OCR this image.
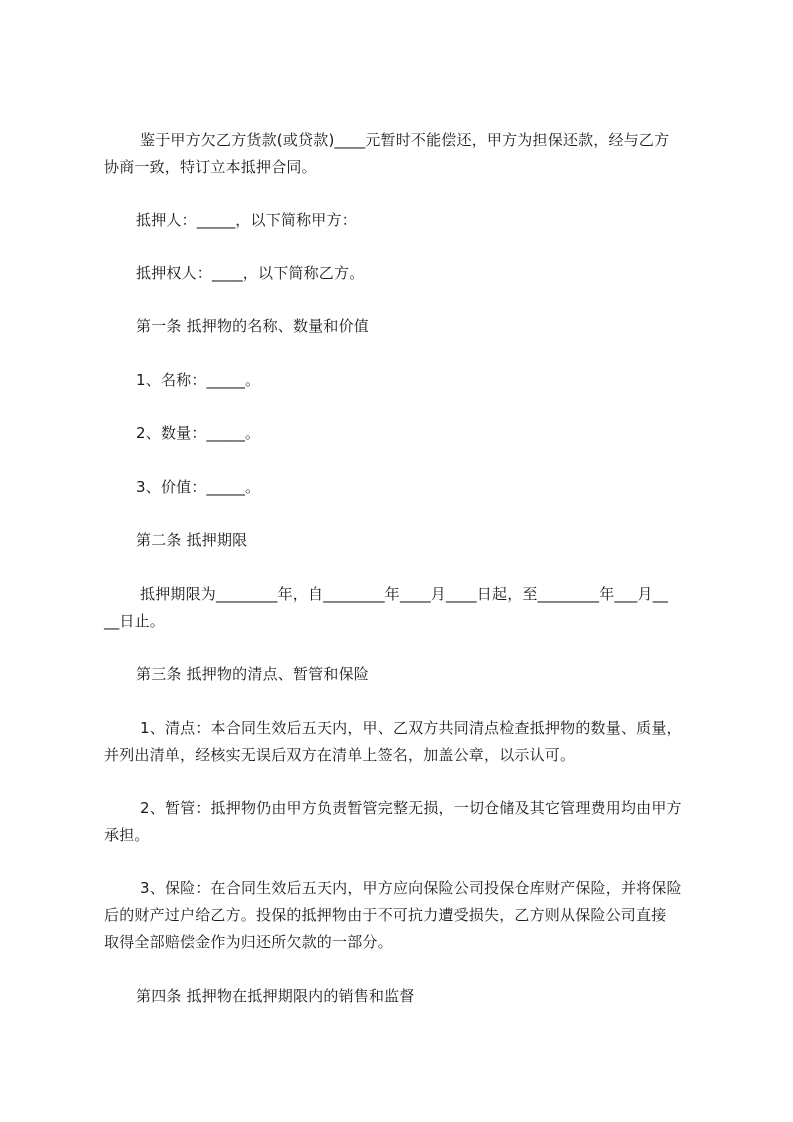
鉴于甲方欠乙方货款(或贷款)____元暂时不能偿还，甲方为担保还款，经与乙方

协商一致，特订立本抵押合同。

抵押人：_____，以下简称甲方：

抵押权人：____，以下简称乙方。

第一条 抵押物的名称、数量和价值

1、名称：_____。

2、数量：_____。

3、价值：_____。

第二条 抵押期限

抵押期限为________年，自________年____月____日起，至________年___月__

__日止。

第三条 抵押物的清点、暂管和保险

1、清点：本合同生效后五天内，甲、乙双方共同清点检查抵押物的数量、质量，

并列出清单，经核实无误后双方在清单上签名，加盖公章，以示认可。

2、暂管：抵押物仍由甲方负责暂管完整无损，一切仓储及其它管理费用均由甲方

承担。

3、保险：在合同生效后五天内，甲方应向保险公司投保仓库财产保险，并将保险

后的财产过户给乙方。投保的抵押物由于不可抗力遭受损失，乙方则从保险公司直接

取得全部赔偿金作为归还所欠款的一部分。

第四条 抵押物在抵押期限内的销售和监督
